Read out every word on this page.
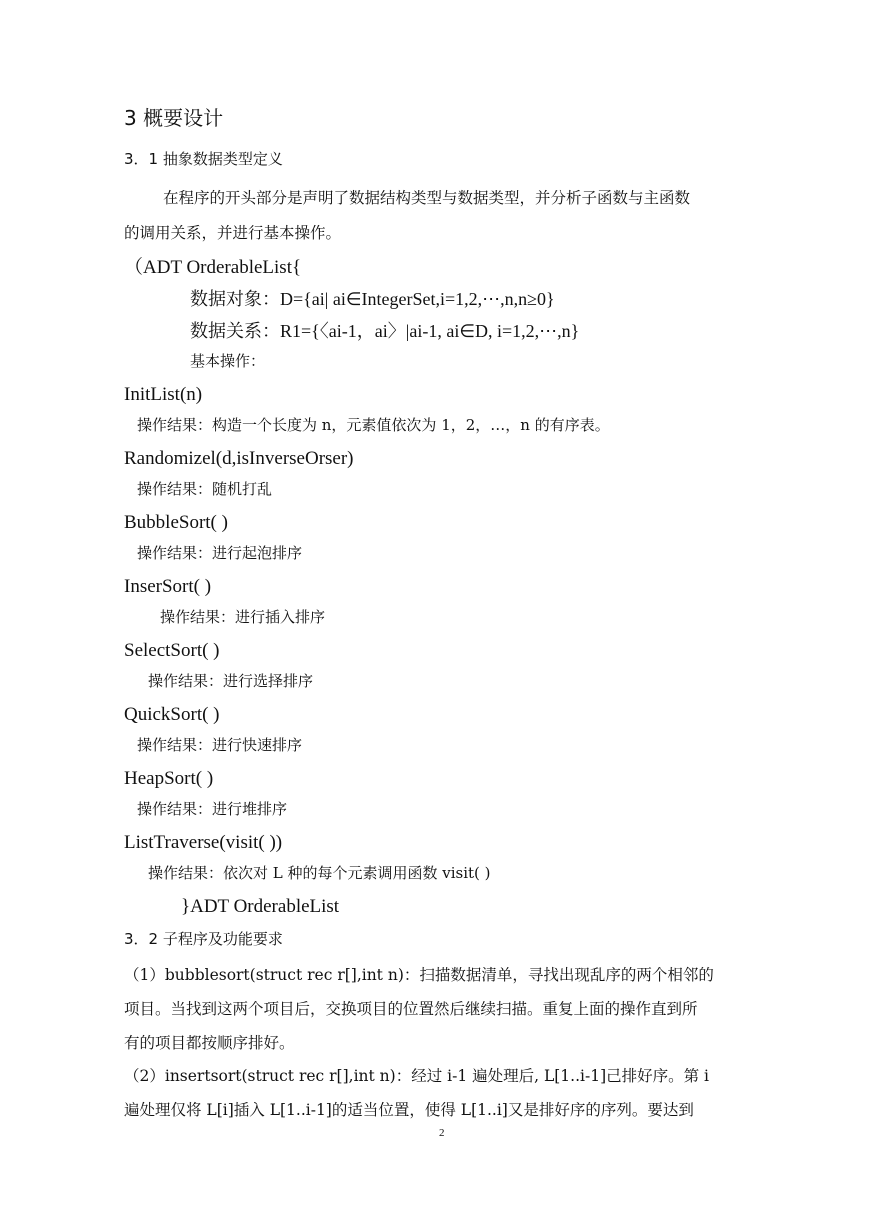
3 概要设计
3．1 抽象数据类型定义
在程序的开头部分是声明了数据结构类型与数据类型，并分析子函数与主函数
的调用关系，并进行基本操作。
（ADT OrderableList{
数据对象：D={ai| ai∈IntegerSet,i=1,2,⋯,n,n≥0}
数据关系：R1={〈ai-1，ai〉|ai-1, ai∈D, i=1,2,⋯,n}
基本操作：
InitList(n)
操作结果：构造一个长度为 n，元素值依次为 1，2，…，n 的有序表。
Randomizel(d,isInverseOrser)
操作结果：随机打乱
BubbleSort( )
操作结果：进行起泡排序
InserSort( )
操作结果：进行插入排序
SelectSort( )
操作结果：进行选择排序
QuickSort( )
操作结果：进行快速排序
HeapSort( )
操作结果：进行堆排序
ListTraverse(visit( ))
操作结果：依次对 L 种的每个元素调用函数 visit( )
}ADT OrderableList
3．2 子程序及功能要求
（1）bubblesort(struct rec r[],int n)：扫描数据清单，寻找出现乱序的两个相邻的
项目。当找到这两个项目后，交换项目的位置然后继续扫描。重复上面的操作直到所
有的项目都按顺序排好。
（2）insertsort(struct rec r[],int n)：经过 i-1 遍处理后, L[1..i-1]己排好序。第 i
遍处理仅将 L[i]插入 L[1..i-1]的适当位置，使得 L[1..i]又是排好序的序列。要达到
2
